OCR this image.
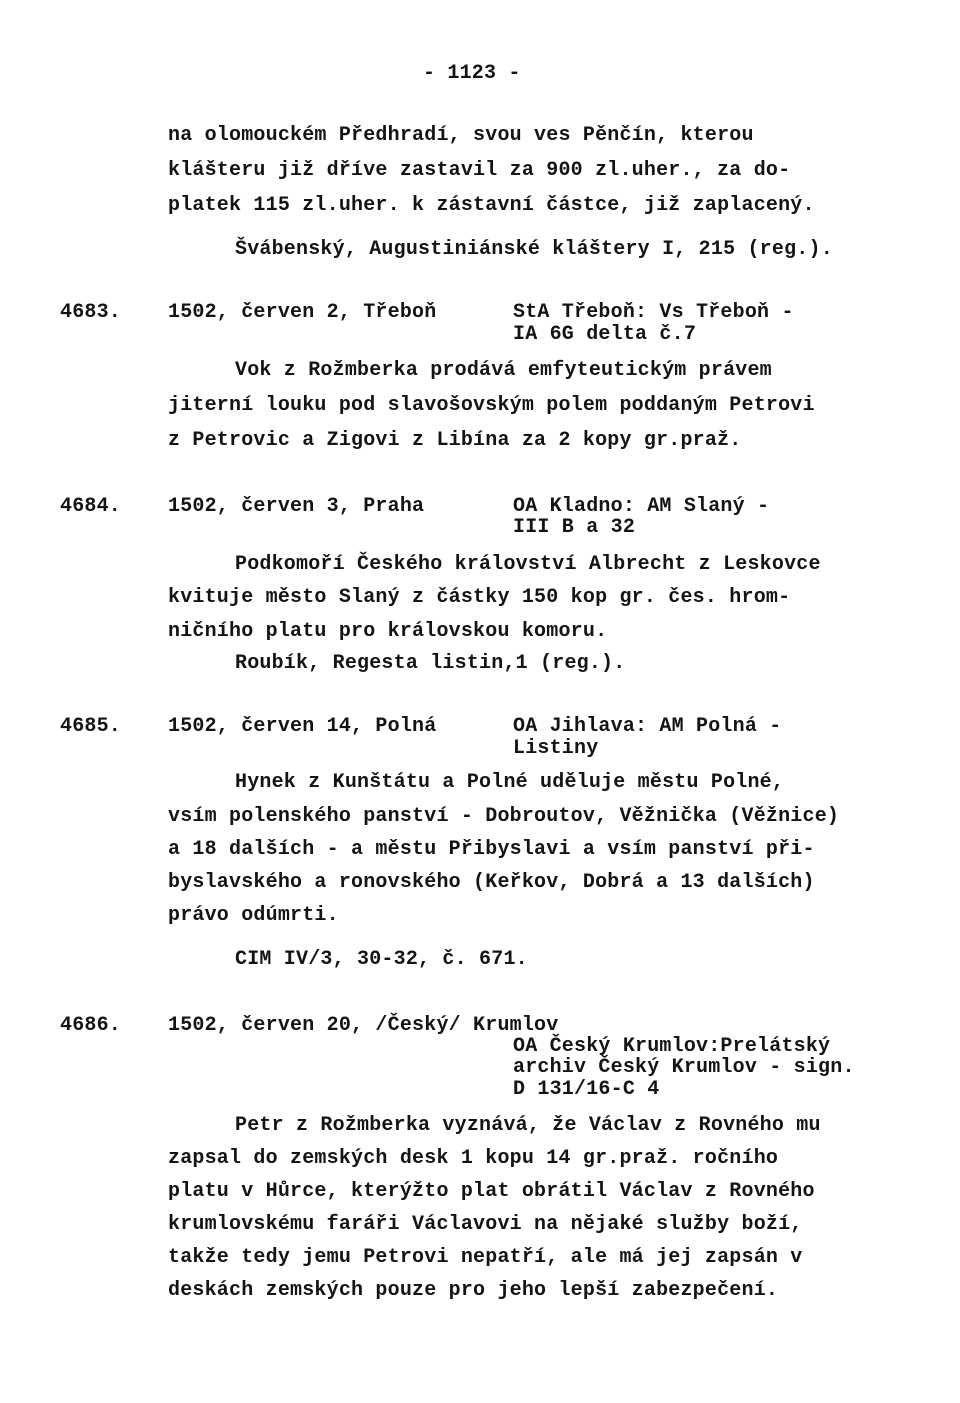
- 1123 -
na olomouckém Předhradí, svou ves Pěnčín, kterou
klášteru již dříve zastavil za 900 zl.uher., za do-
platek 115 zl.uher. k zástavní částce, již zaplacený.
Švábenský, Augustiniánské kláštery I, 215 (reg.).
4683. 1502, červen 2, Třeboň	StA Třeboň: Vs Třeboň -
IA 6G delta č.7
Vok z Rožmberka prodává emfyteutickým právem
jiterní louku pod slavošovským polem poddaným Petrovi
z Petrovic a Zigovi z Libína za 2 kopy gr.praž.
4684. 1502, červen 3, Praha	OA Kladno: AM Slaný -
III B a 32
Podkomoří Českého království Albrecht z Leskovce
kvituje město Slaný z částky 150 kop gr. čes. hrom-
ničního platu pro královskou komoru.
Roubík, Regesta listin,1 (reg.).
4685. 1502, červen 14, Polná	OA Jihlava: AM Polná -
Listiny
Hynek z Kunštátu a Polné uděluje městu Polné,
vsím polenského panství - Dobroutov, Věžnička (Věžnice)
a 18 dalších - a městu Přibyslavi a vsím panství při-
byslavského a ronovského (Keřkov, Dobrá a 13 dalších)
právo odúmrti.
CIM IV/3, 30-32, č. 671.
4686. 1502, červen 20, /Český/ Krumlov
OA Český Krumlov:Prelátský
archiv Český Krumlov - sign.
D 131/16-C 4
Petr z Rožmberka vyznává, že Václav z Rovného mu
zapsal do zemských desk 1 kopu 14 gr.praž. ročního
platu v Hůrce, kterýžto plat obrátil Václav z Rovného
krumlovskému faráři Václavovi na nějaké služby boží,
takže tedy jemu Petrovi nepatří, ale má jej zapsán v
deskách zemských pouze pro jeho lepší zabezpečení.
